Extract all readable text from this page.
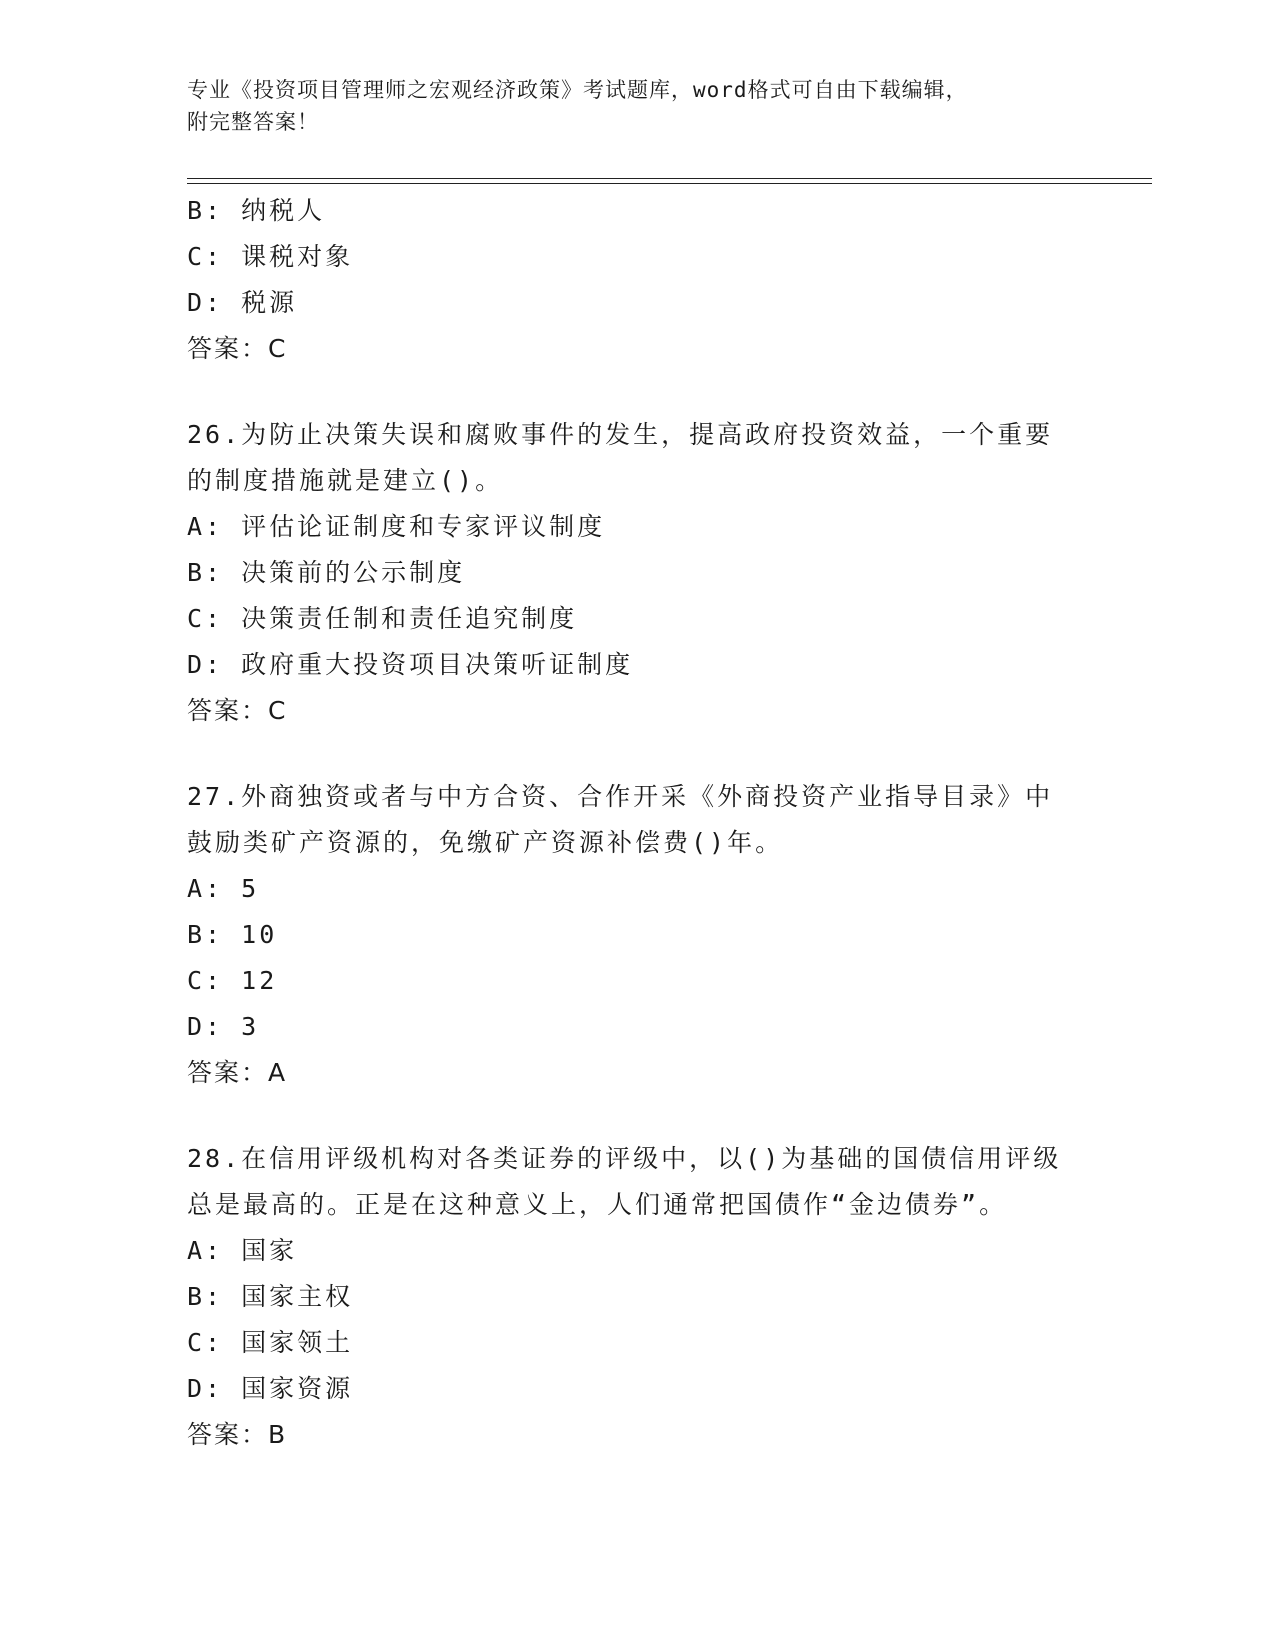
专业《投资项目管理师之宏观经济政策》考试题库，word格式可自由下载编辑，
附完整答案！
B: 纳税人
C: 课税对象
D: 税源
答案：C
26.为防止决策失误和腐败事件的发生，提高政府投资效益，一个重要
的制度措施就是建立()。
A: 评估论证制度和专家评议制度
B: 决策前的公示制度
C: 决策责任制和责任追究制度
D: 政府重大投资项目决策听证制度
答案：C
27.外商独资或者与中方合资、合作开采《外商投资产业指导目录》中
鼓励类矿产资源的，免缴矿产资源补偿费()年。
A: 5
B: 10
C: 12
D: 3
答案：A
28.在信用评级机构对各类证券的评级中，以()为基础的国债信用评级
总是最高的。正是在这种意义上，人们通常把国债作“金边债券”。
A: 国家
B: 国家主权
C: 国家领土
D: 国家资源
答案：B
